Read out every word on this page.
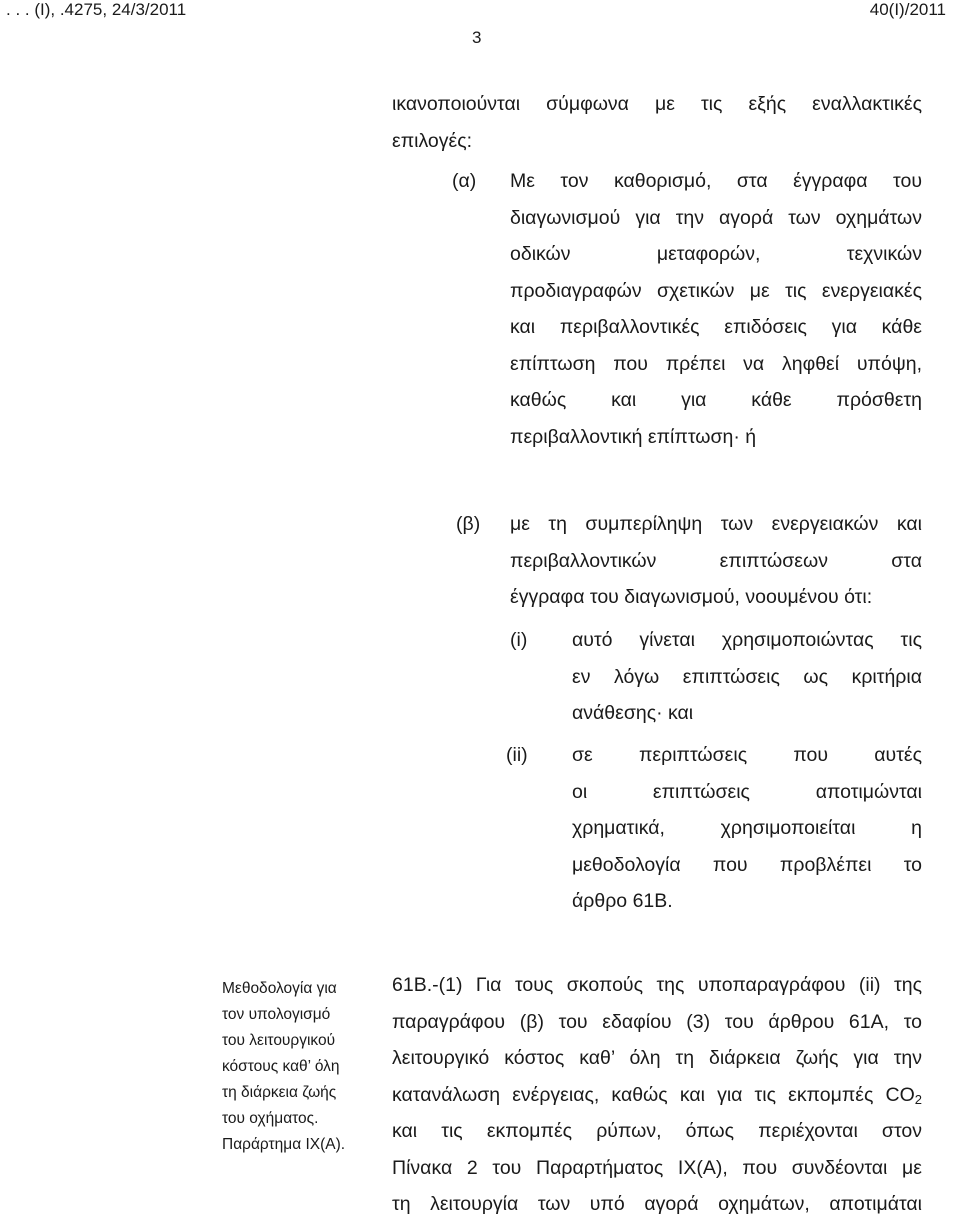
. . . (Ι), .4275, 24/3/2011	40(Ι)/2011
3
ικανοποιούνται σύμφωνα με τις εξής εναλλακτικές
επιλογές:
(α) Με τον καθορισμό, στα έγγραφα του
διαγωνισμού για την αγορά των οχημάτων
οδικών μεταφορών, τεχνικών
προδιαγραφών σχετικών με τις ενεργειακές
και περιβαλλοντικές επιδόσεις για κάθε
επίπτωση που πρέπει να ληφθεί υπόψη,
καθώς και για κάθε πρόσθετη
περιβαλλοντική επίπτωση· ή
(β) με τη συμπερίληψη των ενεργειακών και
περιβαλλοντικών επιπτώσεων στα
έγγραφα του διαγωνισμού, νοουμένου ότι:
(i) αυτό γίνεται χρησιμοποιώντας τις
εν λόγω επιπτώσεις ως κριτήρια
ανάθεσης· και
(ii) σε περιπτώσεις που αυτές
οι επιπτώσεις αποτιμώνται
χρηματικά, χρησιμοποιείται η
μεθοδολογία που προβλέπει το
άρθρο 61Β.
Μεθοδολογία για
τον υπολογισμό
του λειτουργικού
κόστους καθ’ όλη
τη διάρκεια ζωής
του οχήματος.
Παράρτημα ΙΧ(Α).
61Β.-(1) Για τους σκοπούς της υποπαραγράφου (ii) της
παραγράφου (β) του εδαφίου (3) του άρθρου 61Α, το
λειτουργικό κόστος καθ’ όλη τη διάρκεια ζωής για την
κατανάλωση ενέργειας, καθώς και για τις εκπομπές $CO_2$
και τις εκπομπές ρύπων, όπως περιέχονται στον
Πίνακα 2 του Παραρτήματος ΙΧ(Α), που συνδέονται με
τη λειτουργία των υπό αγορά οχημάτων, αποτιμάται
